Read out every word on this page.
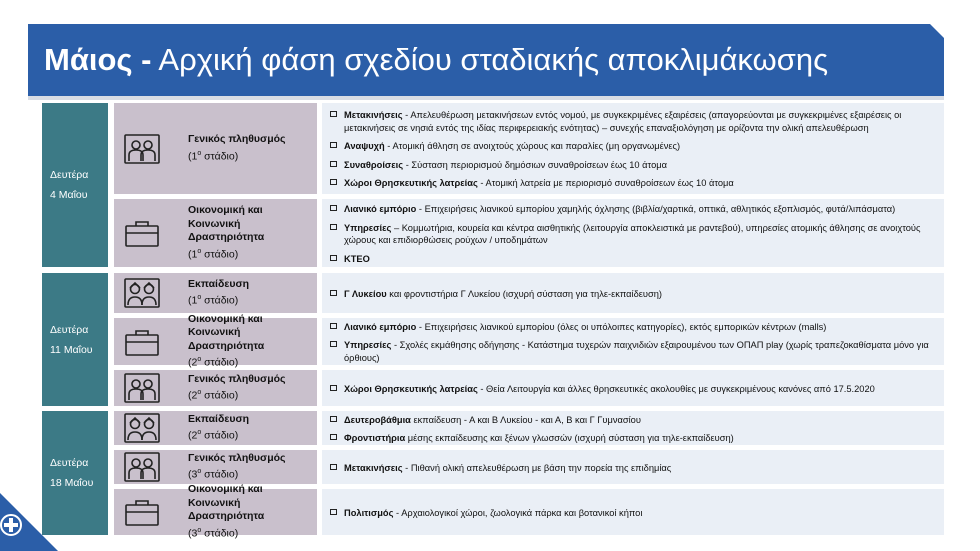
Μάιος - Αρχική φάση σχεδίου σταδιακής αποκλιμάκωσης
Δευτέρα
4 Μαΐου
Δευτέρα
11 Μαΐου
Δευτέρα
18 Μαΐου
Γενικός πληθυσμός
($1^o$ στάδιο)
Μετακινήσεις - Απελευθέρωση μετακινήσεων εντός νομού, με συγκεκριμένες εξαιρέσεις (απαγορεύονται με συγκεκριμένες εξαιρέσεις οι μετακινήσεις σε νησιά εντός της ιδίας περιφερειακής ενότητας) – συνεχής επαναξιολόγηση με ορίζοντα την ολική απελευθέρωση
Αναψυχή - Ατομική άθληση σε ανοιχτούς χώρους και παραλίες (μη οργανωμένες)
Συναθροίσεις - Σύσταση περιορισμού δημόσιων συναθροίσεων έως 10 άτομα
Χώροι Θρησκευτικής λατρείας - Ατομική λατρεία με περιορισμό συναθροίσεων έως 10 άτομα
Οικονομική και Κοινωνική Δραστηριότητα
($1^o$ στάδιο)
Λιανικό εμπόριο - Επιχειρήσεις λιανικού εμπορίου χαμηλής όχλησης (βιβλία/χαρτικά, οπτικά, αθλητικός εξοπλισμός, φυτά/λιπάσματα)
Υπηρεσίες – Κομμωτήρια, κουρεία και κέντρα αισθητικής (λειτουργία αποκλειστικά με ραντεβού), υπηρεσίες ατομικής άθλησης σε ανοιχτούς χώρους και επιδιορθώσεις ρούχων / υποδημάτων
ΚΤΕΟ
Εκπαίδευση
($1^o$ στάδιο)
Γ Λυκείου και φροντιστήρια Γ Λυκείου (ισχυρή σύσταση για τηλε-εκπαίδευση)
Οικονομική και Κοινωνική Δραστηριότητα
($2^o$ στάδιο)
Λιανικό εμπόριο - Επιχειρήσεις λιανικού εμπορίου (όλες οι υπόλοιπες κατηγορίες), εκτός εμπορικών κέντρων (malls)
Υπηρεσίες - Σχολές εκμάθησης οδήγησης - Κατάστημα τυχερών παιχνιδιών εξαιρουμένου των ΟΠΑΠ play (χωρίς τραπεζοκαθίσματα μόνο για όρθιους)
Γενικός πληθυσμός
($2^o$ στάδιο)
Χώροι Θρησκευτικής λατρείας - Θεία Λειτουργία και άλλες θρησκευτικές ακολουθίες με συγκεκριμένους κανόνες από 17.5.2020
Εκπαίδευση
($2^o$ στάδιο)
Δευτεροβάθμια εκπαίδευση - Α και Β Λυκείου - και Α, Β και Γ Γυμνασίου
Φροντιστήρια μέσης εκπαίδευσης και ξένων γλωσσών (ισχυρή σύσταση για τηλε-εκπαίδευση)
Γενικός πληθυσμός
($3^o$ στάδιο)
Μετακινήσεις - Πιθανή ολική απελευθέρωση με βάση την πορεία της επιδημίας
Οικονομική και Κοινωνική Δραστηριότητα
($3^o$ στάδιο)
Πολιτισμός - Αρχαιολογικοί χώροι, ζωολογικά πάρκα και βοτανικοί κήποι
